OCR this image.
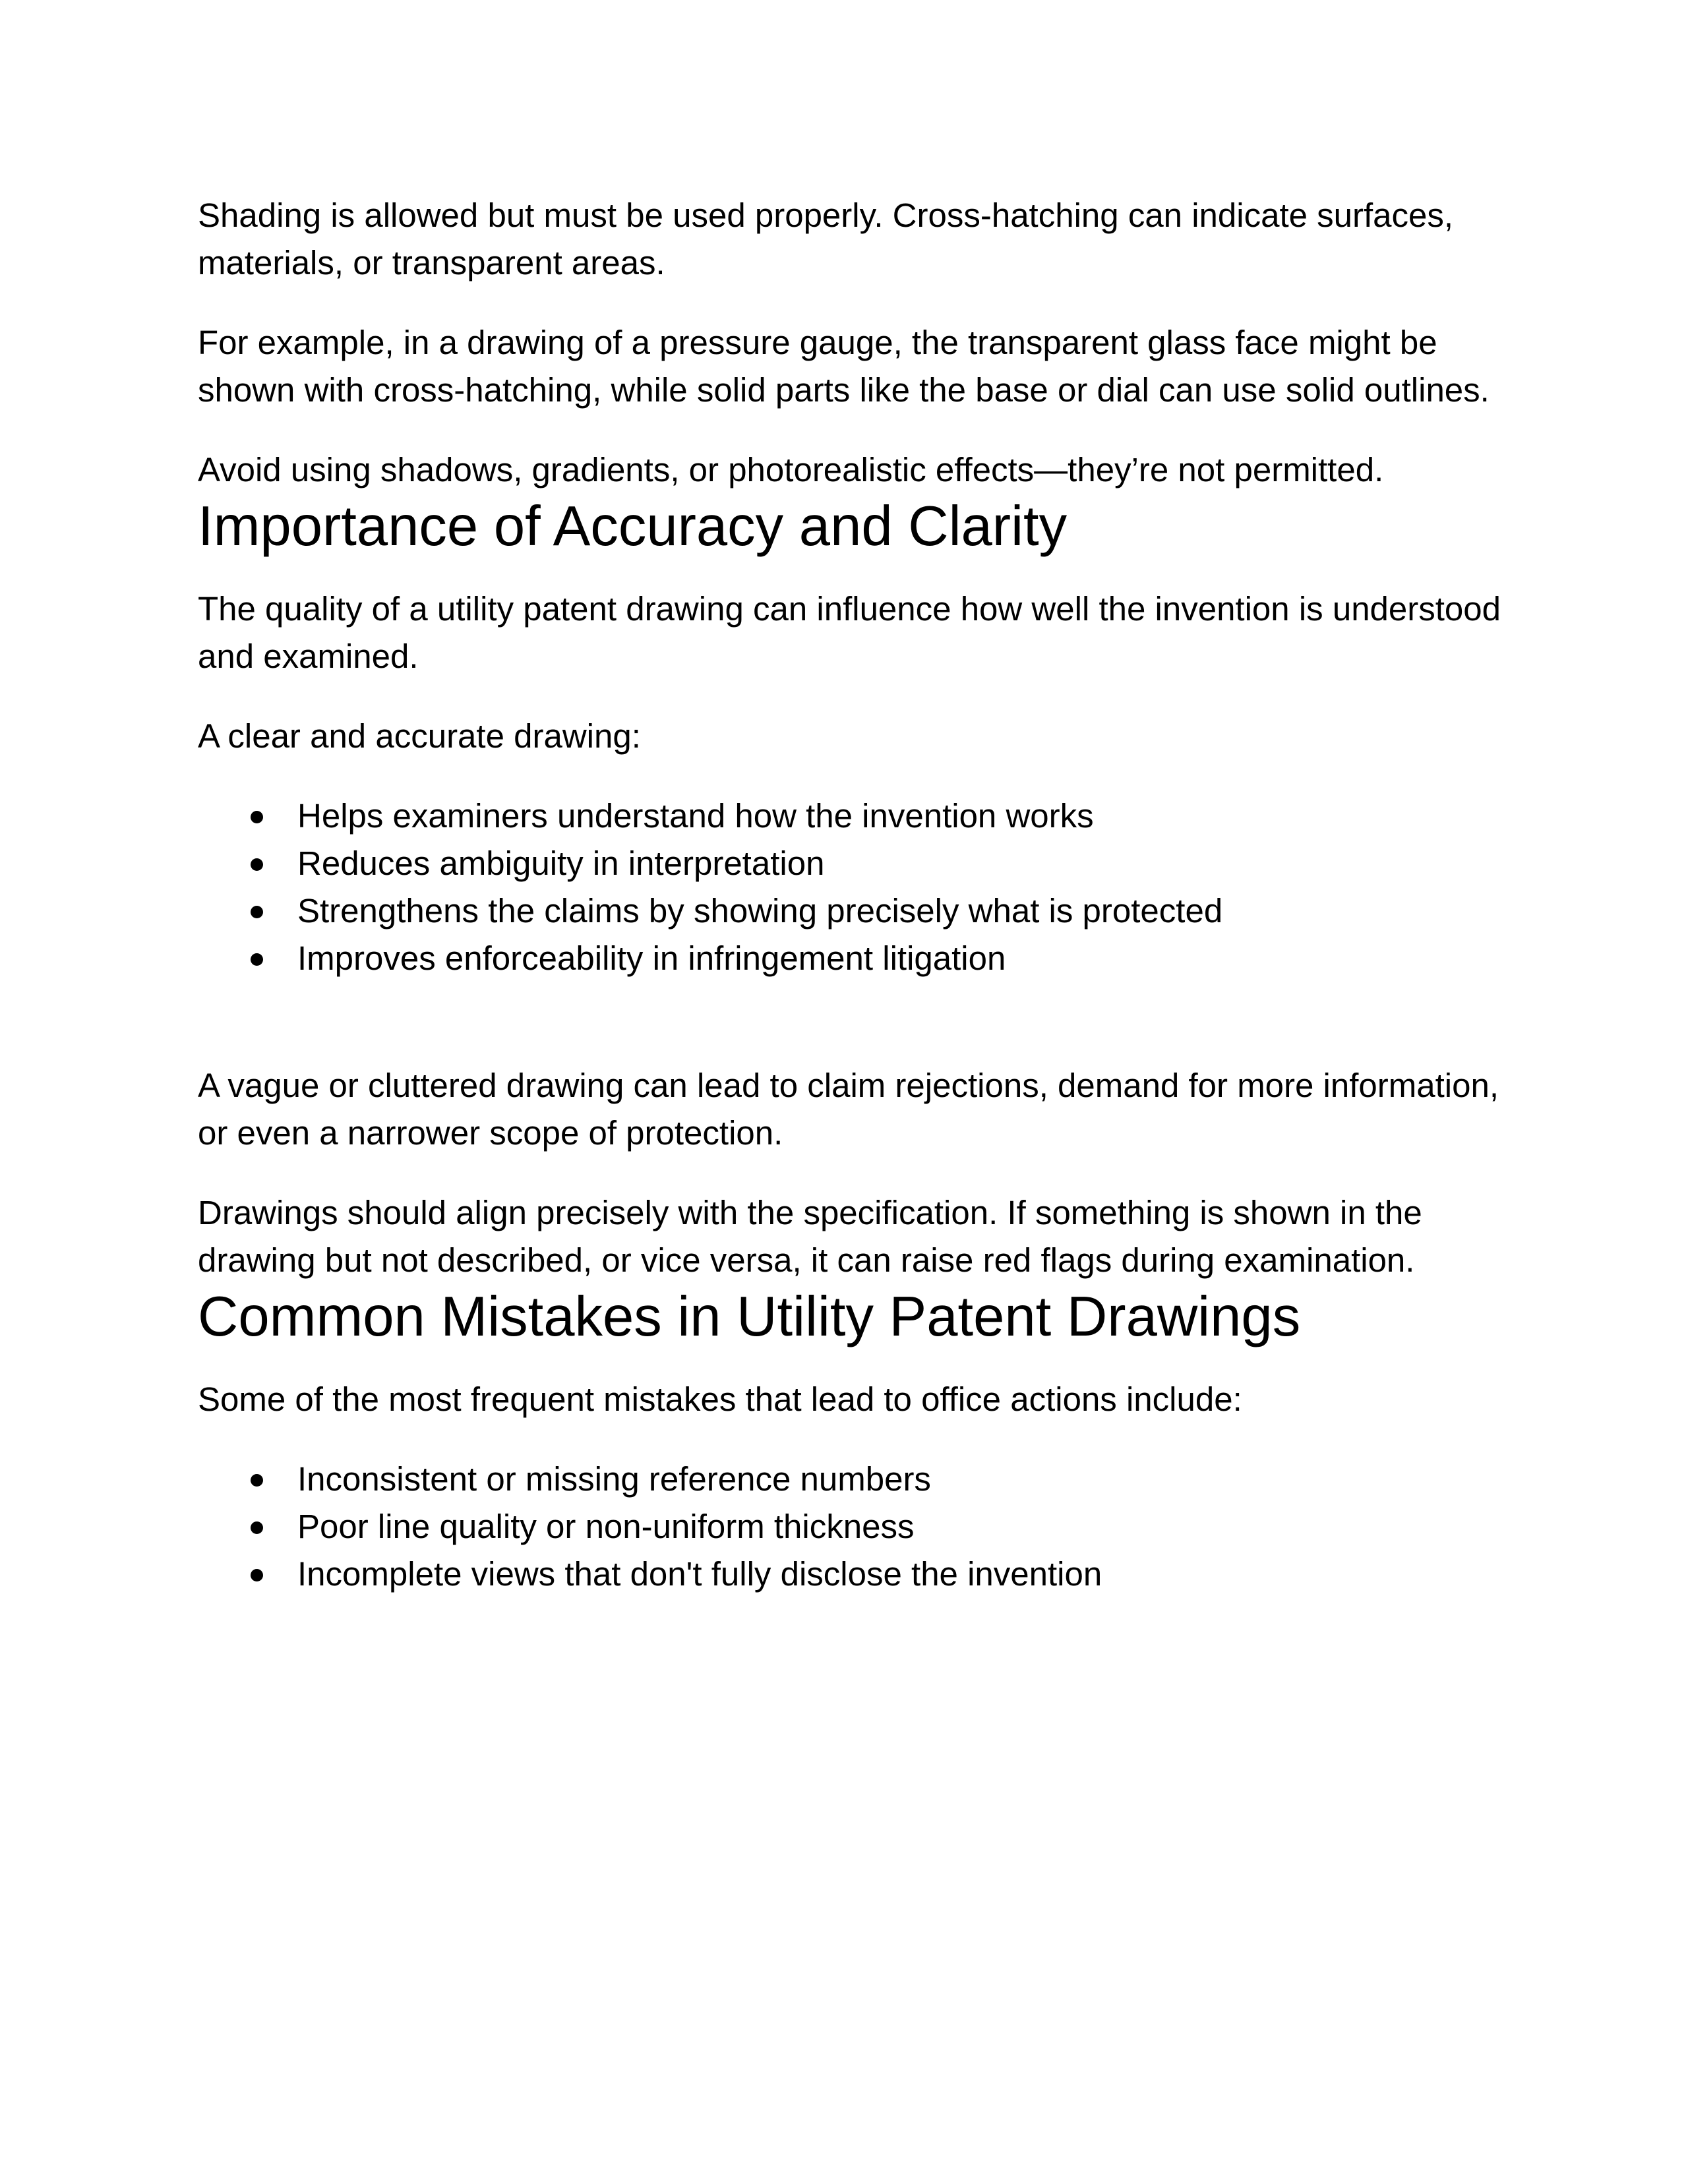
Shading is allowed but must be used properly. Cross-hatching can indicate surfaces, materials, or transparent areas.

For example, in a drawing of a pressure gauge, the transparent glass face might be shown with cross-hatching, while solid parts like the base or dial can use solid outlines.

Avoid using shadows, gradients, or photorealistic effects—they’re not permitted.

Importance of Accuracy and Clarity

The quality of a utility patent drawing can influence how well the invention is understood and examined.

A clear and accurate drawing:

Helps examiners understand how the invention works
Reduces ambiguity in interpretation
Strengthens the claims by showing precisely what is protected
Improves enforceability in infringement litigation

A vague or cluttered drawing can lead to claim rejections, demand for more information, or even a narrower scope of protection.

Drawings should align precisely with the specification. If something is shown in the drawing but not described, or vice versa, it can raise red flags during examination.

Common Mistakes in Utility Patent Drawings

Some of the most frequent mistakes that lead to office actions include:

Inconsistent or missing reference numbers
Poor line quality or non-uniform thickness
Incomplete views that don't fully disclose the invention
